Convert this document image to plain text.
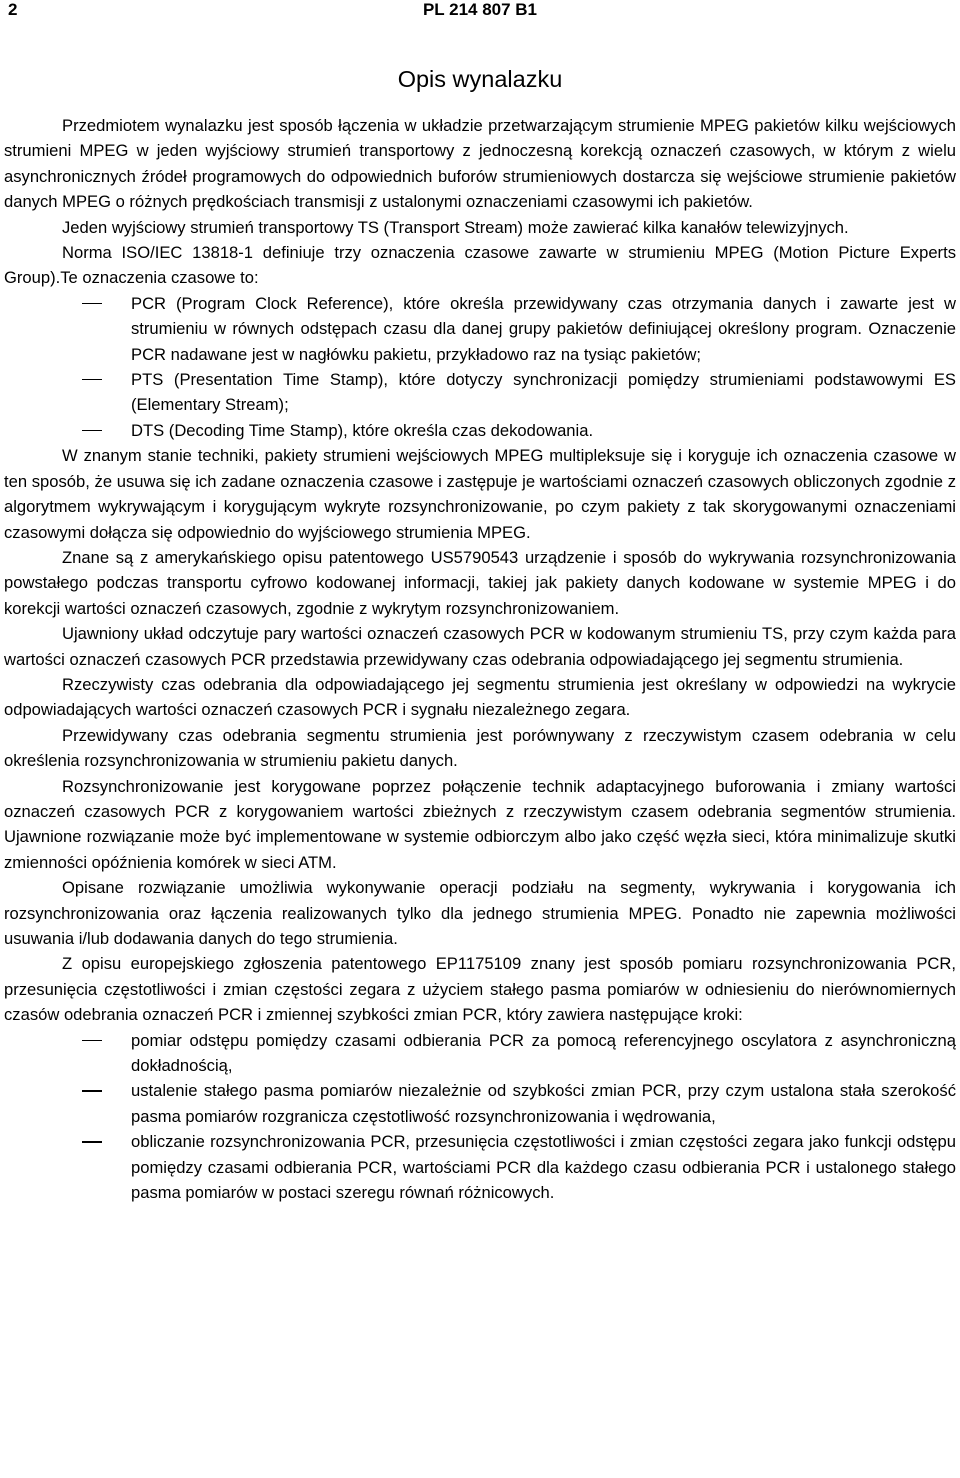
2	PL 214 807 B1
Opis wynalazku

Przedmiotem wynalazku jest sposób łączenia w układzie przetwarzającym strumienie MPEG pakietów kilku wejściowych strumieni MPEG w jeden wyjściowy strumień transportowy z jednoczesną korekcją oznaczeń czasowych, w którym z wielu asynchronicznych źródeł programowych do odpowiednich buforów strumieniowych dostarcza się wejściowe strumienie pakietów danych MPEG o różnych prędkościach transmisji z ustalonymi oznaczeniami czasowymi ich pakietów.

Jeden wyjściowy strumień transportowy TS (Transport Stream) może zawierać kilka kanałów telewizyjnych.

Norma ISO/IEC 13818-1 definiuje trzy oznaczenia czasowe zawarte w strumieniu MPEG (Motion Picture Experts Group).Te oznaczenia czasowe to:

PCR (Program Clock Reference), które określa przewidywany czas otrzymania danych i zawarte jest w strumieniu w równych odstępach czasu dla danej grupy pakietów definiującej określony program. Oznaczenie PCR nadawane jest w nagłówku pakietu, przykładowo raz na tysiąc pakietów;
PTS (Presentation Time Stamp), które dotyczy synchronizacji pomiędzy strumieniami podstawowymi ES (Elementary Stream);
DTS (Decoding Time Stamp), które określa czas dekodowania.

W znanym stanie techniki, pakiety strumieni wejściowych MPEG multipleksuje się i koryguje ich oznaczenia czasowe w ten sposób, że usuwa się ich zadane oznaczenia czasowe i zastępuje je wartościami oznaczeń czasowych obliczonych zgodnie z algorytmem wykrywającym i korygującym wykryte rozsynchronizowanie, po czym pakiety z tak skorygowanymi oznaczeniami czasowymi dołącza się odpowiednio do wyjściowego strumienia MPEG.

Znane są z amerykańskiego opisu patentowego US5790543 urządzenie i sposób do wykrywania rozsynchronizowania powstałego podczas transportu cyfrowo kodowanej informacji, takiej jak pakiety danych kodowane w systemie MPEG i do korekcji wartości oznaczeń czasowych, zgodnie z wykrytym rozsynchronizowaniem.

Ujawniony układ odczytuje pary wartości oznaczeń czasowych PCR w kodowanym strumieniu TS, przy czym każda para wartości oznaczeń czasowych PCR przedstawia przewidywany czas odebrania odpowiadającego jej segmentu strumienia.

Rzeczywisty czas odebrania dla odpowiadającego jej segmentu strumienia jest określany w odpowiedzi na wykrycie odpowiadających wartości oznaczeń czasowych PCR i sygnału niezależnego zegara.

Przewidywany czas odebrania segmentu strumienia jest porównywany z rzeczywistym czasem odebrania w celu określenia rozsynchronizowania w strumieniu pakietu danych.

Rozsynchronizowanie jest korygowane poprzez połączenie technik adaptacyjnego buforowania i zmiany wartości oznaczeń czasowych PCR z korygowaniem wartości zbieżnych z rzeczywistym czasem odebrania segmentów strumienia. Ujawnione rozwiązanie może być implementowane w systemie odbiorczym albo jako część węzła sieci, która minimalizuje skutki zmienności opóźnienia komórek w sieci ATM.

Opisane rozwiązanie umożliwia wykonywanie operacji podziału na segmenty, wykrywania i korygowania ich rozsynchronizowania oraz łączenia realizowanych tylko dla jednego strumienia MPEG. Ponadto nie zapewnia możliwości usuwania i/lub dodawania danych do tego strumienia.

Z opisu europejskiego zgłoszenia patentowego EP1175109 znany jest sposób pomiaru rozsynchronizowania PCR, przesunięcia częstotliwości i zmian częstości zegara z użyciem stałego pasma pomiarów w odniesieniu do nierównomiernych czasów odebrania oznaczeń PCR i zmiennej szybkości zmian PCR, który zawiera następujące kroki:

pomiar odstępu pomiędzy czasami odbierania PCR za pomocą referencyjnego oscylatora z asynchroniczną dokładnością,
ustalenie stałego pasma pomiarów niezależnie od szybkości zmian PCR, przy czym ustalona stała szerokość pasma pomiarów rozgranicza częstotliwość rozsynchronizowania i wędrowania,
obliczanie rozsynchronizowania PCR, przesunięcia częstotliwości i zmian częstości zegara jako funkcji odstępu pomiędzy czasami odbierania PCR, wartościami PCR dla każdego czasu odbierania PCR i ustalonego stałego pasma pomiarów w postaci szeregu równań różnicowych.
